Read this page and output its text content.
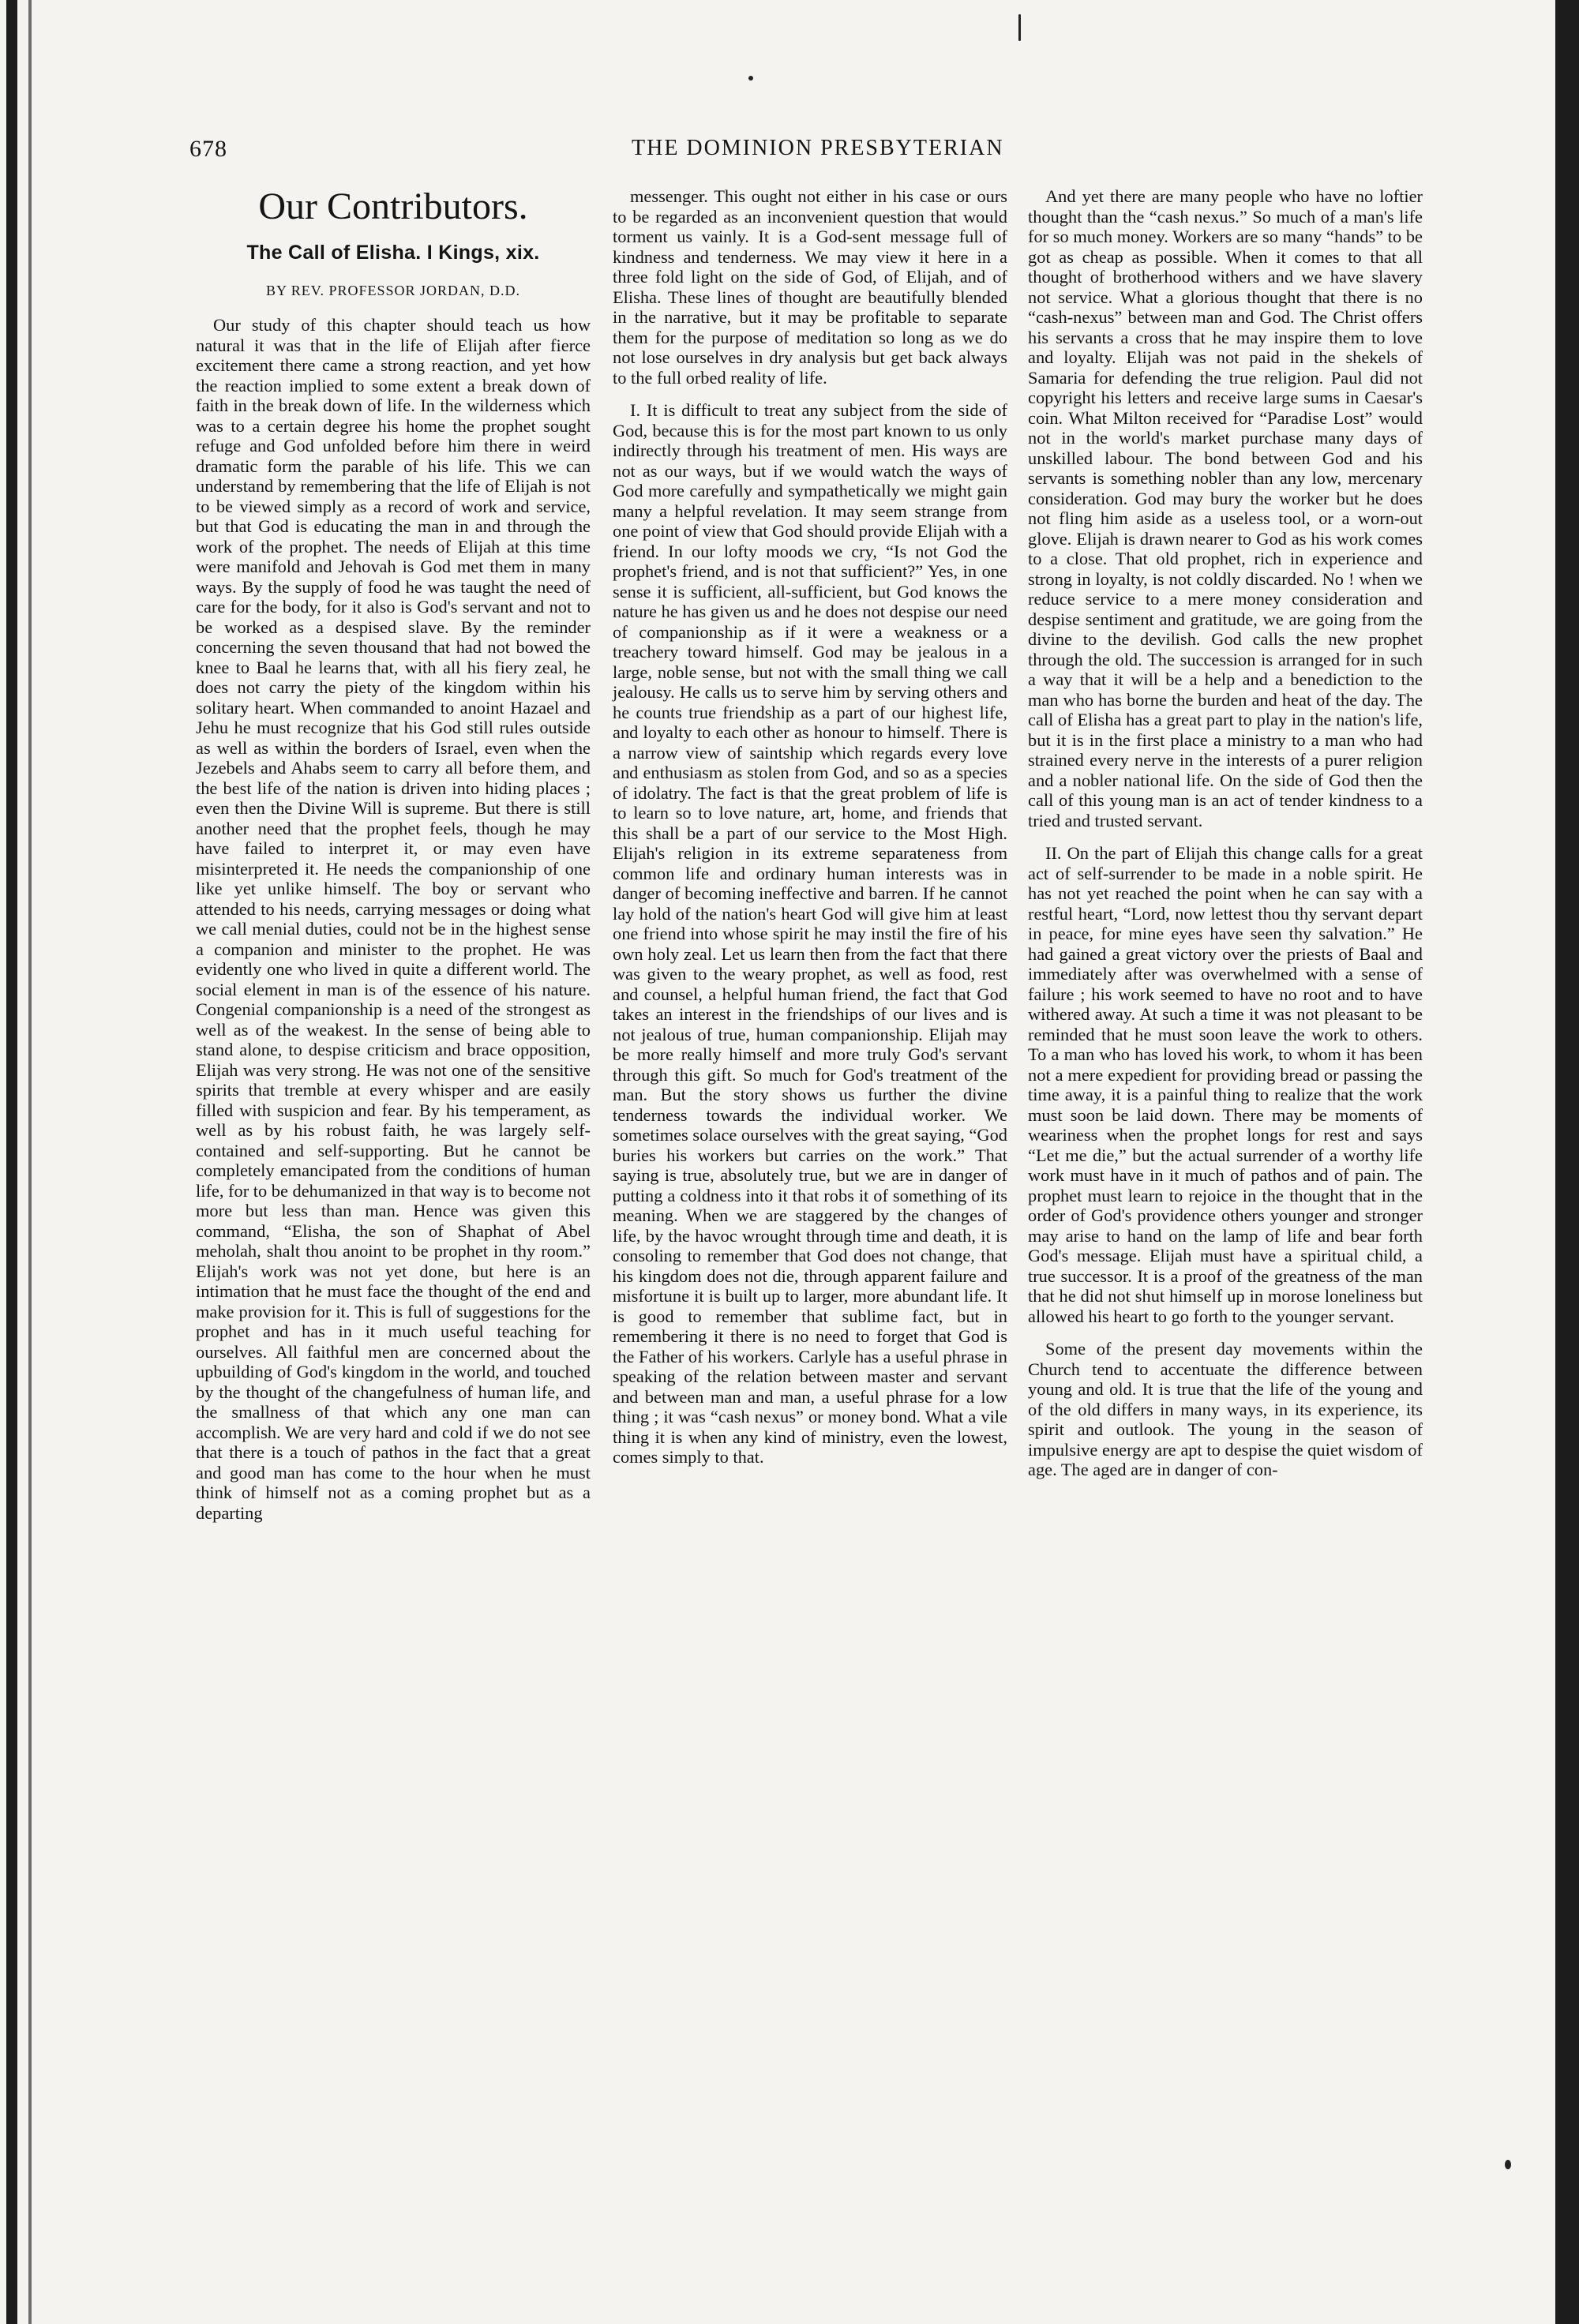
678	THE DOMINION PRESBYTERIAN
Our Contributors.
The Call of Elisha. I Kings, xix.
BY REV. PROFESSOR JORDAN, D.D.

Our study of this chapter should teach us how natural it was that in the life of Elijah after fierce excitement there came a strong reaction, and yet how the reaction implied to some extent a break down of faith in the break down of life. In the wilderness which was to a certain degree his home the prophet sought refuge and God unfolded before him there in weird dramatic form the parable of his life. This we can understand by remembering that the life of Elijah is not to be viewed simply as a record of work and service, but that God is educating the man in and through the work of the prophet. The needs of Elijah at this time were manifold and Jehovah is God met them in many ways. By the supply of food he was taught the need of care for the body, for it also is God's servant and not to be worked as a despised slave. By the reminder concerning the seven thousand that had not bowed the knee to Baal he learns that, with all his fiery zeal, he does not carry the piety of the kingdom within his solitary heart. When commanded to anoint Hazael and Jehu he must recognize that his God still rules outside as well as within the borders of Israel, even when the Jezebels and Ahabs seem to carry all before them, and the best life of the nation is driven into hiding places ; even then the Divine Will is supreme. But there is still another need that the prophet feels, though he may have failed to interpret it, or may even have misinterpreted it. He needs the companionship of one like yet unlike himself. The boy or servant who attended to his needs, carrying messages or doing what we call menial duties, could not be in the highest sense a companion and minister to the prophet. He was evidently one who lived in quite a different world. The social element in man is of the essence of his nature. Congenial companionship is a need of the strongest as well as of the weakest. In the sense of being able to stand alone, to despise criticism and brace opposition, Elijah was very strong. He was not one of the sensitive spirits that tremble at every whisper and are easily filled with suspicion and fear. By his temperament, as well as by his robust faith, he was largely self-contained and self-supporting. But he cannot be completely emancipated from the conditions of human life, for to be dehumanized in that way is to become not more but less than man. Hence was given this command, “Elisha, the son of Shaphat of Abel meholah, shalt thou anoint to be prophet in thy room.” Elijah's work was not yet done, but here is an intimation that he must face the thought of the end and make provision for it. This is full of suggestions for the prophet and has in it much useful teaching for ourselves. All faithful men are concerned about the upbuilding of God's kingdom in the world, and touched by the thought of the changefulness of human life, and the smallness of that which any one man can accomplish. We are very hard and cold if we do not see that there is a touch of pathos in the fact that a great and good man has come to the hour when he must think of himself not as a coming prophet but as a departing

messenger. This ought not either in his case or ours to be regarded as an inconvenient question that would torment us vainly. It is a God-sent message full of kindness and tenderness. We may view it here in a three fold light on the side of God, of Elijah, and of Elisha. These lines of thought are beautifully blended in the narrative, but it may be profitable to separate them for the purpose of meditation so long as we do not lose ourselves in dry analysis but get back always to the full orbed reality of life.

I. It is difficult to treat any subject from the side of God, because this is for the most part known to us only indirectly through his treatment of men. His ways are not as our ways, but if we would watch the ways of God more carefully and sympathetically we might gain many a helpful revelation. It may seem strange from one point of view that God should provide Elijah with a friend. In our lofty moods we cry, “Is not God the prophet's friend, and is not that sufficient?” Yes, in one sense it is sufficient, all-sufficient, but God knows the nature he has given us and he does not despise our need of companionship as if it were a weakness or a treachery toward himself. God may be jealous in a large, noble sense, but not with the small thing we call jealousy. He calls us to serve him by serving others and he counts true friendship as a part of our highest life, and loyalty to each other as honour to himself. There is a narrow view of saintship which regards every love and enthusiasm as stolen from God, and so as a species of idolatry. The fact is that the great problem of life is to learn so to love nature, art, home, and friends that this shall be a part of our service to the Most High. Elijah's religion in its extreme separateness from common life and ordinary human interests was in danger of becoming ineffective and barren. If he cannot lay hold of the nation's heart God will give him at least one friend into whose spirit he may instil the fire of his own holy zeal. Let us learn then from the fact that there was given to the weary prophet, as well as food, rest and counsel, a helpful human friend, the fact that God takes an interest in the friendships of our lives and is not jealous of true, human companionship. Elijah may be more really himself and more truly God's servant through this gift. So much for God's treatment of the man. But the story shows us further the divine tenderness towards the individual worker. We sometimes solace ourselves with the great saying, “God buries his workers but carries on the work.” That saying is true, absolutely true, but we are in danger of putting a coldness into it that robs it of something of its meaning. When we are staggered by the changes of life, by the havoc wrought through time and death, it is consoling to remember that God does not change, that his kingdom does not die, through apparent failure and misfortune it is built up to larger, more abundant life. It is good to remember that sublime fact, but in remembering it there is no need to forget that God is the Father of his workers. Carlyle has a useful phrase in speaking of the relation between master and servant and between man and man, a useful phrase for a low thing ; it was “cash nexus” or money bond. What a vile thing it is when any kind of ministry, even the lowest, comes simply to that.

And yet there are many people who have no loftier thought than the “cash nexus.” So much of a man's life for so much money. Workers are so many “hands” to be got as cheap as possible. When it comes to that all thought of brotherhood withers and we have slavery not service. What a glorious thought that there is no “cash-nexus” between man and God. The Christ offers his servants a cross that he may inspire them to love and loyalty. Elijah was not paid in the shekels of Samaria for defending the true religion. Paul did not copyright his letters and receive large sums in Caesar's coin. What Milton received for “Paradise Lost” would not in the world's market purchase many days of unskilled labour. The bond between God and his servants is something nobler than any low, mercenary consideration. God may bury the worker but he does not fling him aside as a useless tool, or a worn-out glove. Elijah is drawn nearer to God as his work comes to a close. That old prophet, rich in experience and strong in loyalty, is not coldly discarded. No ! when we reduce service to a mere money consideration and despise sentiment and gratitude, we are going from the divine to the devilish. God calls the new prophet through the old. The succession is arranged for in such a way that it will be a help and a benediction to the man who has borne the burden and heat of the day. The call of Elisha has a great part to play in the nation's life, but it is in the first place a ministry to a man who had strained every nerve in the interests of a purer religion and a nobler national life. On the side of God then the call of this young man is an act of tender kindness to a tried and trusted servant.

II. On the part of Elijah this change calls for a great act of self-surrender to be made in a noble spirit. He has not yet reached the point when he can say with a restful heart, “Lord, now lettest thou thy servant depart in peace, for mine eyes have seen thy salvation.” He had gained a great victory over the priests of Baal and immediately after was overwhelmed with a sense of failure ; his work seemed to have no root and to have withered away. At such a time it was not pleasant to be reminded that he must soon leave the work to others. To a man who has loved his work, to whom it has been not a mere expedient for providing bread or passing the time away, it is a painful thing to realize that the work must soon be laid down. There may be moments of weariness when the prophet longs for rest and says “Let me die,” but the actual surrender of a worthy life work must have in it much of pathos and of pain. The prophet must learn to rejoice in the thought that in the order of God's providence others younger and stronger may arise to hand on the lamp of life and bear forth God's message. Elijah must have a spiritual child, a true successor. It is a proof of the greatness of the man that he did not shut himself up in morose loneliness but allowed his heart to go forth to the younger servant.

Some of the present day movements within the Church tend to accentuate the difference between young and old. It is true that the life of the young and of the old differs in many ways, in its experience, its spirit and outlook. The young in the season of impulsive energy are apt to despise the quiet wisdom of age. The aged are in danger of con-
